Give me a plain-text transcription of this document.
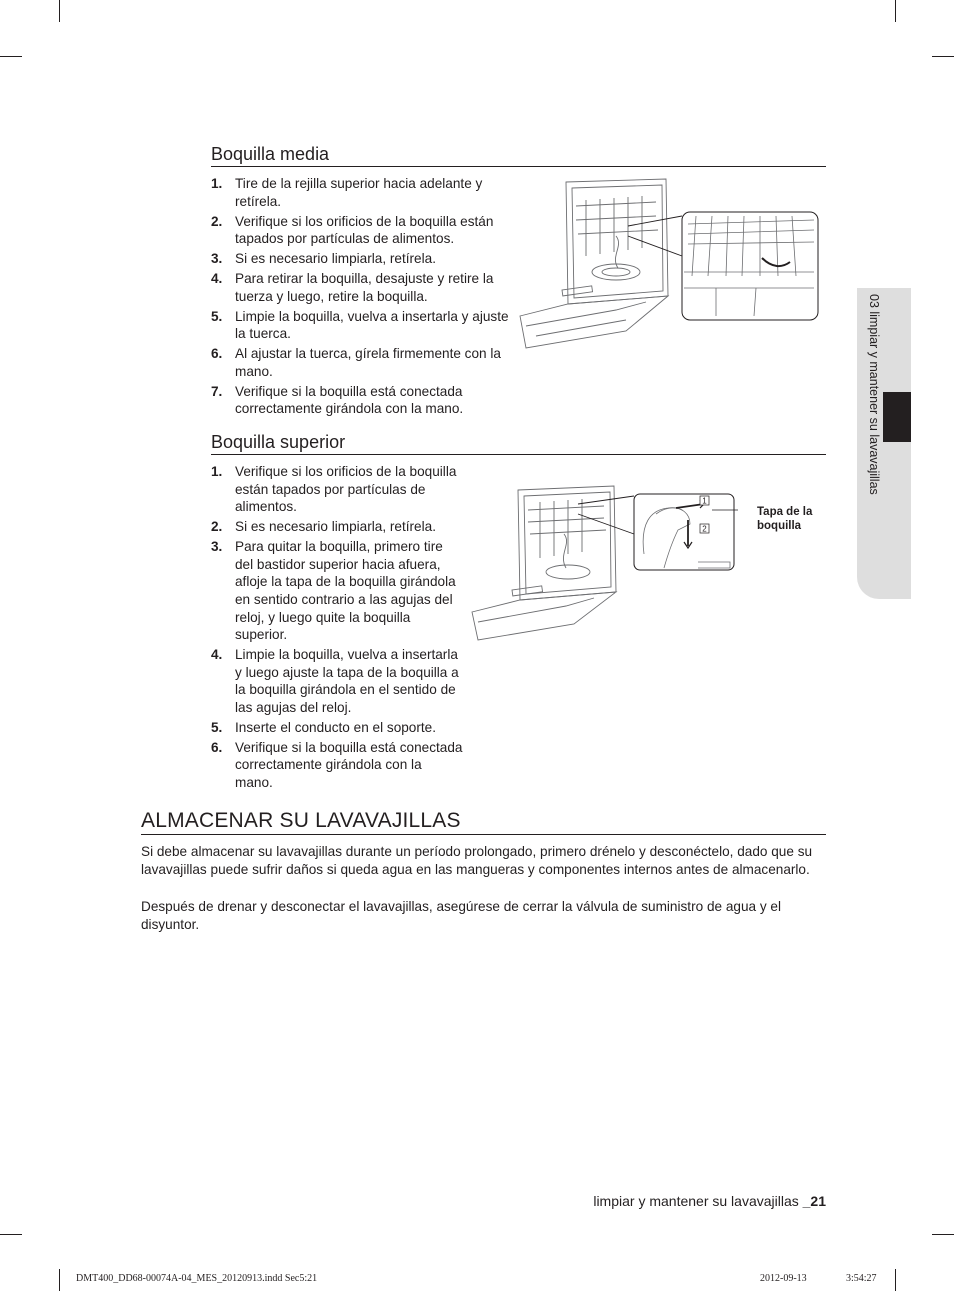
03 limpiar y mantener su lavavajillas
Boquilla media
1. Tire de la rejilla superior hacia adelante y retírela.
2. Verifique si los orificios de la boquilla están tapados por partículas de alimentos.
3. Si es necesario limpiarla, retírela.
4. Para retirar la boquilla, desajuste y retire la tuerza y luego, retire la boquilla.
5. Limpie la boquilla, vuelva a insertarla y ajuste la tuerca.
6. Al ajustar la tuerca, gírela firmemente con la mano.
7. Verifique si la boquilla está conectada correctamente girándola con la mano.
Boquilla superior
1. Verifique si los orificios de la boquilla están tapados por partículas de alimentos.
2. Si es necesario limpiarla, retírela.
3. Para quitar la boquilla, primero tire del bastidor superior hacia afuera, afloje la tapa de la boquilla girándola en sentido contrario a las agujas del reloj, y luego quite la boquilla superior.
4. Limpie la boquilla, vuelva a insertarla y luego ajuste la tapa de la boquilla a la boquilla girándola en el sentido de las agujas del reloj.
5. Inserte el conducto en el soporte.
6. Verifique si la boquilla está conectada correctamente girándola con la mano.
1
2
Tapa de la
boquilla
ALMACENAR SU LAVAVAJILLAS

Si debe almacenar su lavavajillas durante un período prolongado, primero drénelo y desconéctelo, dado que su lavavajillas puede sufrir daños si queda agua en las mangueras y componentes internos antes de almacenarlo.

Después de drenar y desconectar el lavavajillas, asegúrese de cerrar la válvula de suministro de agua y el disyuntor.

limpiar y mantener su lavavajillas _21
DMT400_DD68-00074A-04_MES_20120913.indd Sec5:21	2012-09-13	3:54:27
